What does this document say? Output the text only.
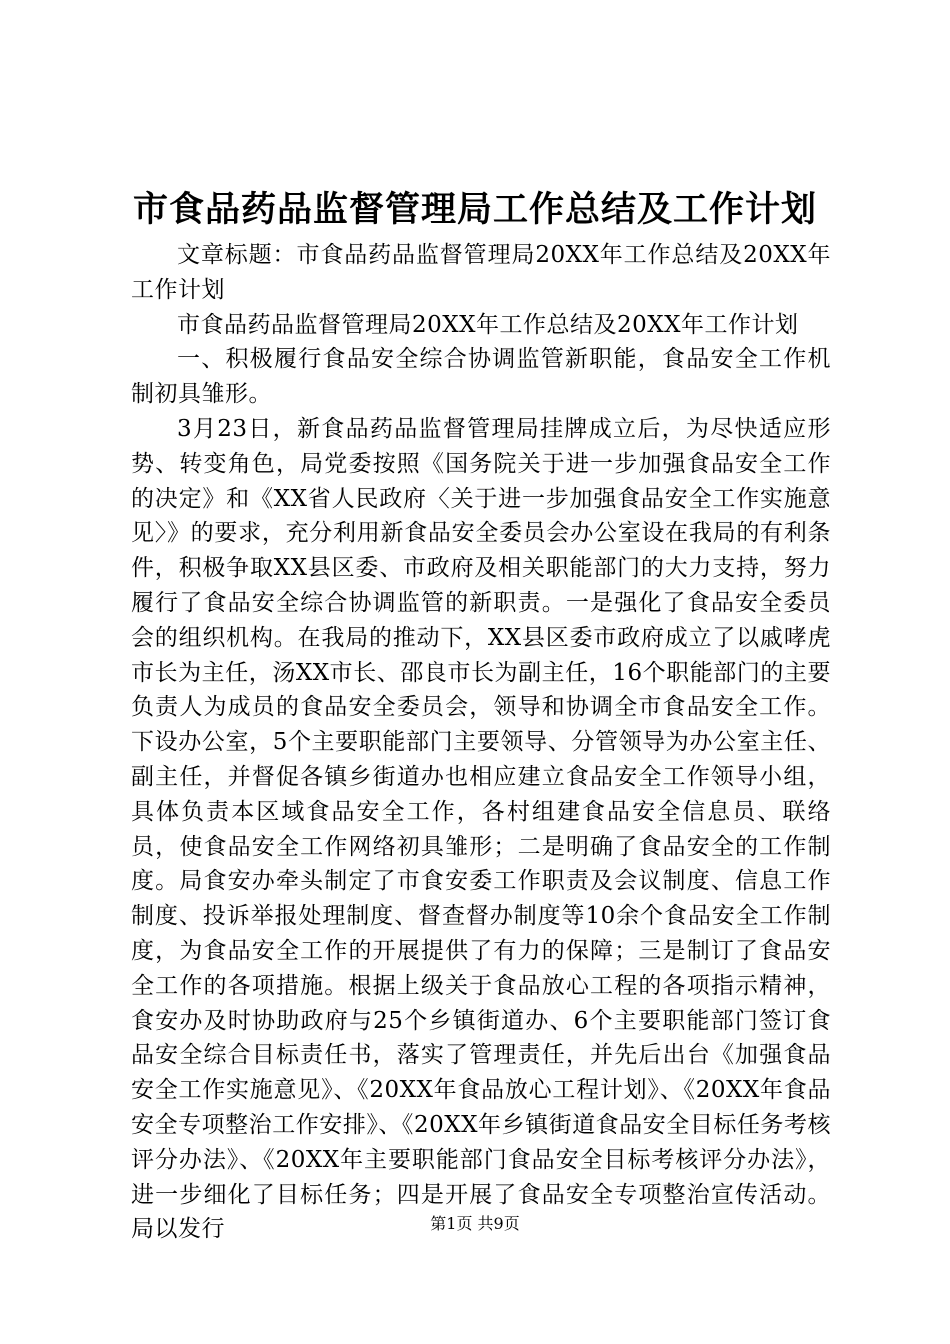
市食品药品监督管理局工作总结及工作计划

文章标题：市食品药品监督管理局20XX年工作总结及20XX年工作计划

市食品药品监督管理局20XX年工作总结及20XX年工作计划

一、积极履行食品安全综合协调监管新职能，食品安全工作机制初具雏形。

3月23日，新食品药品监督管理局挂牌成立后，为尽快适应形势、转变角色，局党委按照《国务院关于进一步加强食品安全工作的决定》和《XX省人民政府〈关于进一步加强食品安全工作实施意见〉》的要求，充分利用新食品安全委员会办公室设在我局的有利条件，积极争取XX县区委、市政府及相关职能部门的大力支持，努力履行了食品安全综合协调监管的新职责。一是强化了食品安全委员会的组织机构。在我局的推动下，XX县区委市政府成立了以戚哮虎市长为主任，汤XX市长、邵良市长为副主任，16个职能部门的主要负责人为成员的食品安全委员会，领导和协调全市食品安全工作。下设办公室，5个主要职能部门主要领导、分管领导为办公室主任、副主任，并督促各镇乡街道办也相应建立食品安全工作领导小组，具体负责本区域食品安全工作，各村组建食品安全信息员、联络员，使食品安全工作网络初具雏形；二是明确了食品安全的工作制度。局食安办牵头制定了市食安委工作职责及会议制度、信息工作制度、投诉举报处理制度、督查督办制度等10余个食品安全工作制度，为食品安全工作的开展提供了有力的保障；三是制订了食品安全工作的各项措施。根据上级关于食品放心工程的各项指示精神，食安办及时协助政府与25个乡镇街道办、6个主要职能部门签订食品安全综合目标责任书，落实了管理责任，并先后出台《加强食品安全工作实施意见》、《20XX年食品放心工程计划》、《20XX年食品安全专项整治工作安排》、《20XX年乡镇街道食品安全目标任务考核评分办法》、《20XX年主要职能部门食品安全目标考核评分办法》，进一步细化了目标任务；四是开展了食品安全专项整治宣传活动。局以发行	第1页 共9页
